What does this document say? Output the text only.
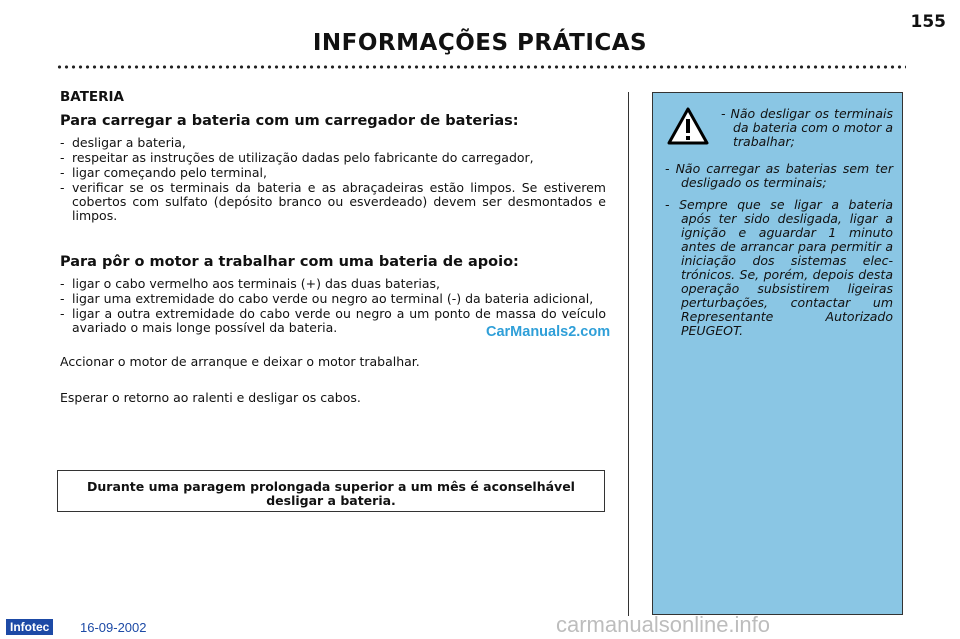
155
INFORMAÇÕES PRÁTICAS
BATERIA
Para carregar a bateria com um carregador de baterias:
- desligar a bateria,
- respeitar as instruções de utilização dadas pelo fabricante do carregador,
- ligar começando pelo terminal,
- verificar se os terminais da bateria e as abraçadeiras estão limpos. Se estiverem cobertos com sulfato (depósito branco ou esverdeado) devem ser desmontados e limpos.
Para pôr o motor a trabalhar com uma bateria de apoio:
- ligar o cabo vermelho aos terminais (+) das duas baterias,
- ligar uma extremidade do cabo verde ou negro ao terminal (-) da bateria adicional,
- ligar a outra extremidade do cabo verde ou negro a um ponto de massa do veículo avariado o mais longe possível da bateria.

Accionar o motor de arranque e deixar o motor trabalhar.

Esperar o retorno ao ralenti e desligar os cabos.

Durante uma paragem prolongada superior a um mês é aconselhável desligar a bateria.
- Não desligar os terminais da bateria com o motor a trabalhar;
- Não carregar as baterias sem ter desligado os terminais;
- Sempre que se ligar a bateria após ter sido desligada, ligar a ignição e aguardar 1 minuto antes de arrancar para permitir a iniciação dos sistemas electrónicos. Se, porém, depois desta operação subsistirem ligeiras perturbações, contactar um Representante Autorizado PEUGEOT.
CarManuals2.com
Infotec	16-09-2002	carmanualsonline.info
